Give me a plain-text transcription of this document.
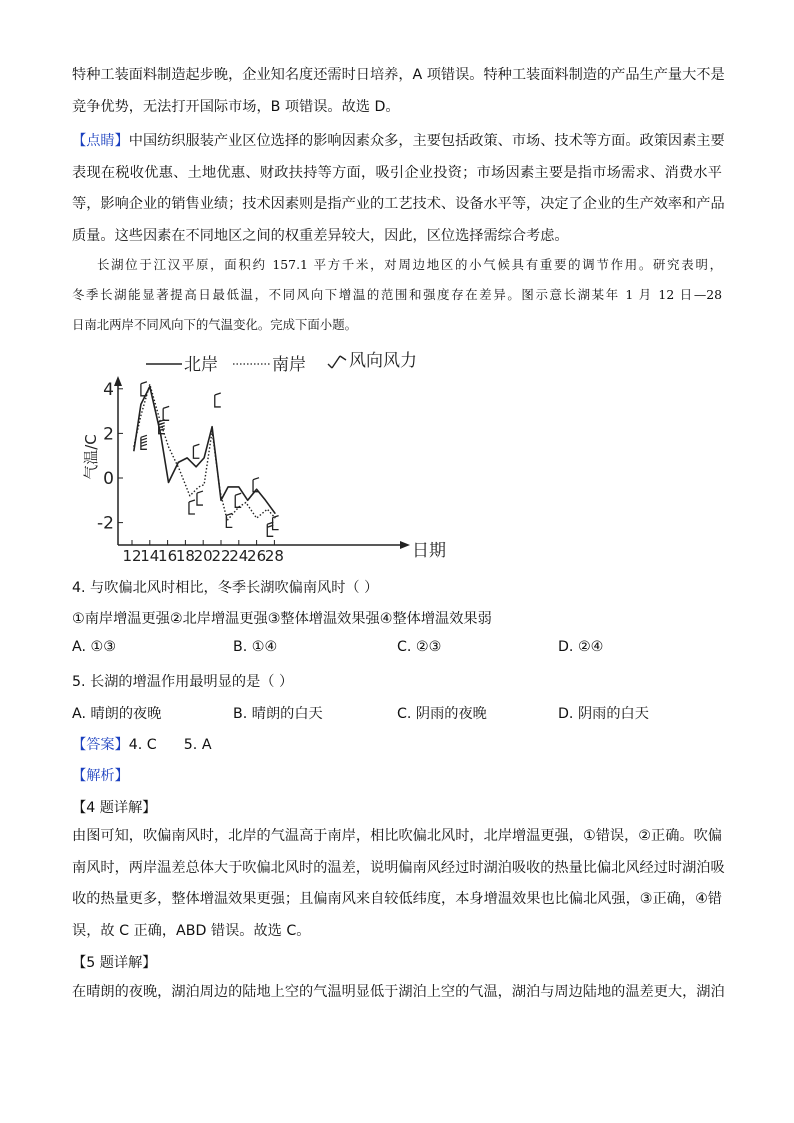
特种工装面料制造起步晚，企业知名度还需时日培养，A 项错误。特种工装面料制造的产品生产量大不是
竞争优势，无法打开国际市场，B 项错误。故选 D。
【点睛】中国纺织服装产业区位选择的影响因素众多，主要包括政策、市场、技术等方面。政策因素主要
表现在税收优惠、土地优惠、财政扶持等方面，吸引企业投资；市场因素主要是指市场需求、消费水平
等，影响企业的销售业绩；技术因素则是指产业的工艺技术、设备水平等，决定了企业的生产效率和产品
质量。这些因素在不同地区之间的权重差异较大，因此，区位选择需综合考虑。
长湖位于江汉平原，面积约 157.1 平方千米，对周边地区的小气候具有重要的调节作用。研究表明，
冬季长湖能显著提高日最低温，不同风向下增温的范围和强度存在差异。图示意长湖某年 1 月 12 日—28
日南北两岸不同风向下的气温变化。完成下面小题。
北岸	南岸	风向风力
日期
气温/C
12
14
16
18
20
22
24
26
28
4
2
0
-2
4. 与吹偏北风时相比，冬季长湖吹偏南风时（ ）
①南岸增温更强②北岸增温更强③整体增温效果强④整体增温效果弱
A. ①③	B. ①④	C. ②③	D. ②④
5. 长湖的增温作用最明显的是（ ）
A. 晴朗的夜晚	B. 晴朗的白天	C. 阴雨的夜晚	D. 阴雨的白天
【答案】4. C      5. A
【解析】
【4 题详解】
由图可知，吹偏南风时，北岸的气温高于南岸，相比吹偏北风时，北岸增温更强，①错误，②正确。吹偏
南风时，两岸温差总体大于吹偏北风时的温差，说明偏南风经过时湖泊吸收的热量比偏北风经过时湖泊吸
收的热量更多，整体增温效果更强；且偏南风来自较低纬度，本身增温效果也比偏北风强，③正确，④错
误，故 C 正确，ABD 错误。故选 C。
【5 题详解】
在晴朗的夜晚，湖泊周边的陆地上空的气温明显低于湖泊上空的气温，湖泊与周边陆地的温差更大，湖泊
